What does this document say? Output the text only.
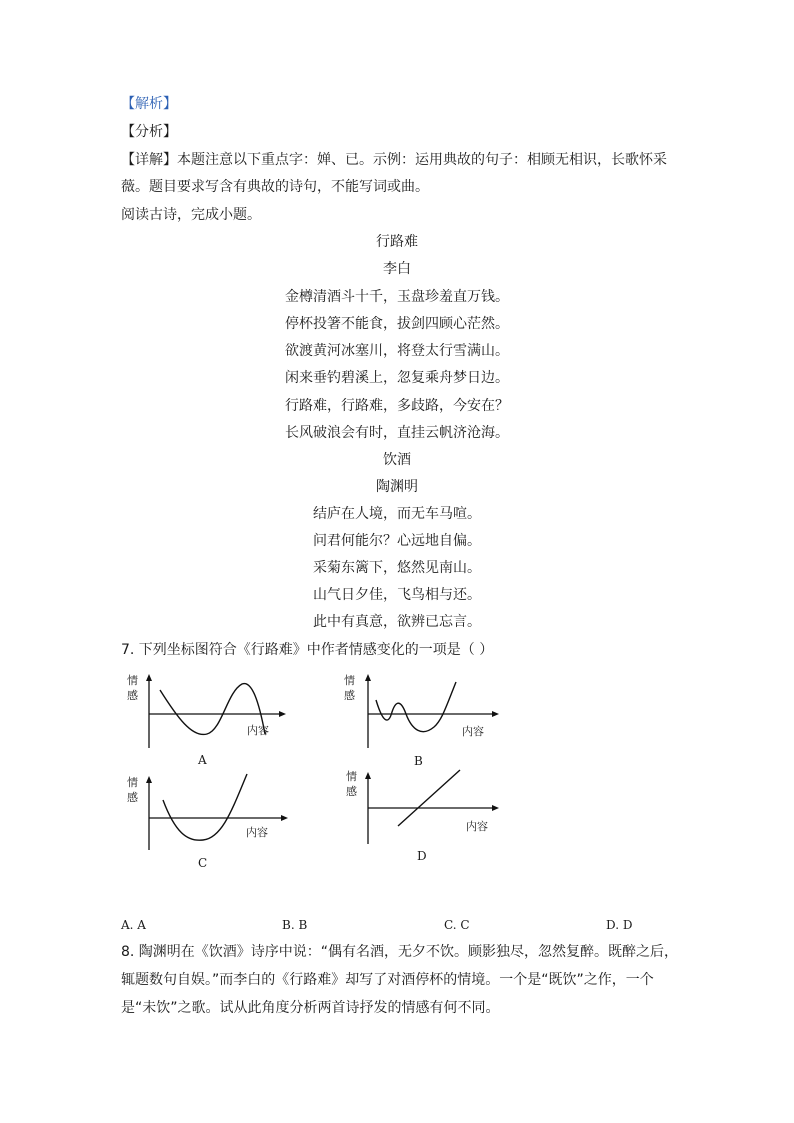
【解析】
【分析】
【详解】本题注意以下重点字：婵、已。示例：运用典故的句子：相顾无相识，长歌怀采
薇。题目要求写含有典故的诗句，不能写词或曲。
阅读古诗，完成小题。
行路难
李白
金樽清酒斗十千，玉盘珍羞直万钱。
停杯投箸不能食，拔剑四顾心茫然。
欲渡黄河冰塞川，将登太行雪满山。
闲来垂钓碧溪上，忽复乘舟梦日边。
行路难，行路难，多歧路，今安在？
长风破浪会有时，直挂云帆济沧海。
饮酒
陶渊明
结庐在人境，而无车马喧。
问君何能尔？心远地自偏。
采菊东篱下，悠然见南山。
山气日夕佳，飞鸟相与还。
此中有真意，欲辨已忘言。
7. 下列坐标图符合《行路难》中作者情感变化的一项是（ ）
情
感
内容
A
情
感
内容
B
情
感
内容
C
情
感
内容
D
A. A	B. B	C. C	D. D
8. 陶渊明在《饮酒》诗序中说：“偶有名酒，无夕不饮。顾影独尽，忽然复醉。既醉之后，
辄题数句自娱。”而李白的《行路难》却写了对酒停杯的情境。一个是“既饮”之作，一个
是“未饮”之歌。试从此角度分析两首诗抒发的情感有何不同。
